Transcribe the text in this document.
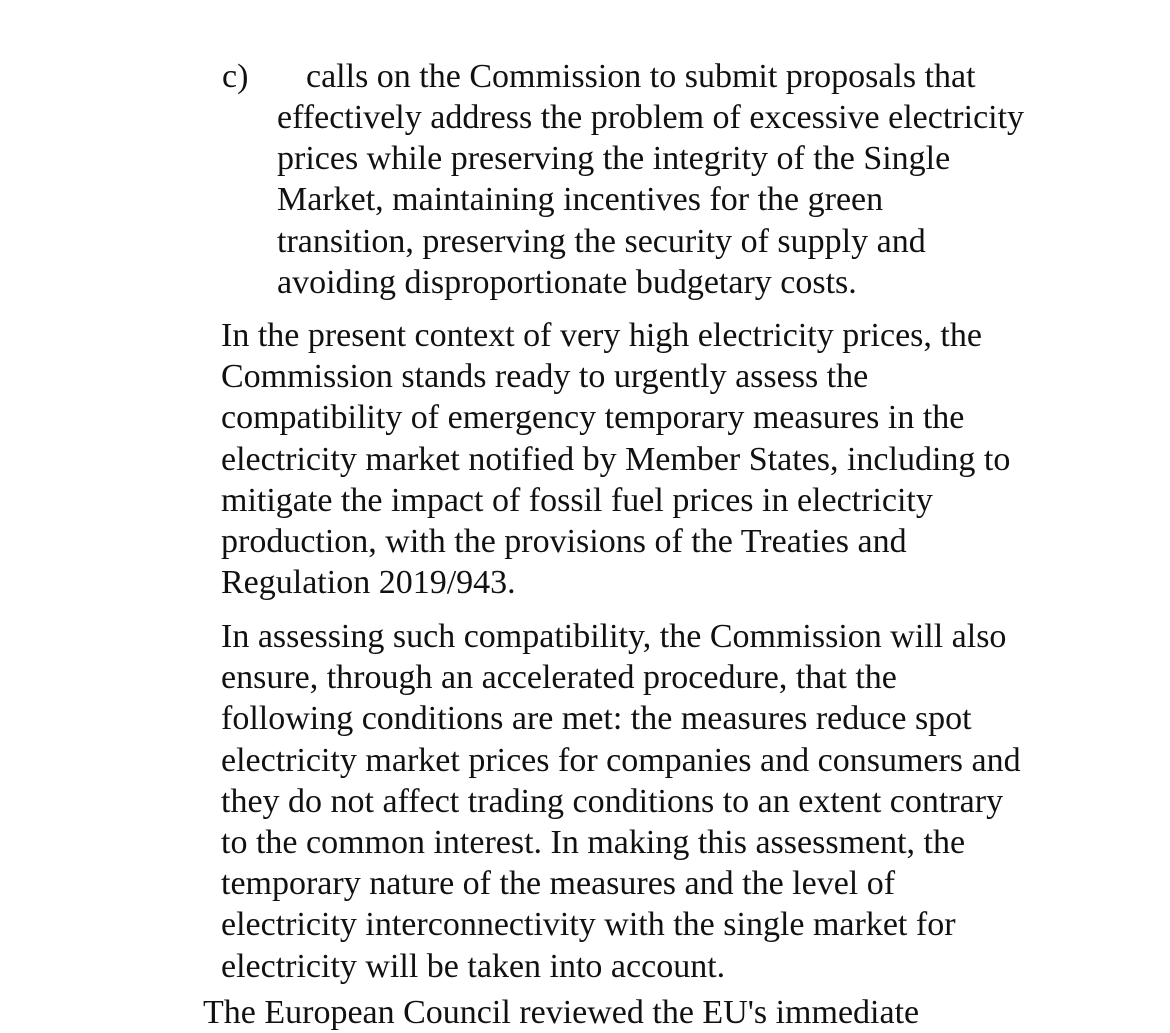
c) calls on the Commission to submit proposals that
effectively address the problem of excessive electricity
prices while preserving the integrity of the Single
Market, maintaining incentives for the green
transition, preserving the security of supply and
avoiding disproportionate budgetary costs.
In the present context of very high electricity prices, the
Commission stands ready to urgently assess the
compatibility of emergency temporary measures in the
electricity market notified by Member States, including to
mitigate the impact of fossil fuel prices in electricity
production, with the provisions of the Treaties and
Regulation 2019/943.
In assessing such compatibility, the Commission will also
ensure, through an accelerated procedure, that the
following conditions are met: the measures reduce spot
electricity market prices for companies and consumers and
they do not affect trading conditions to an extent contrary
to the common interest. In making this assessment, the
temporary nature of the measures and the level of
electricity interconnectivity with the single market for
electricity will be taken into account.
The European Council reviewed the EU's immediate
